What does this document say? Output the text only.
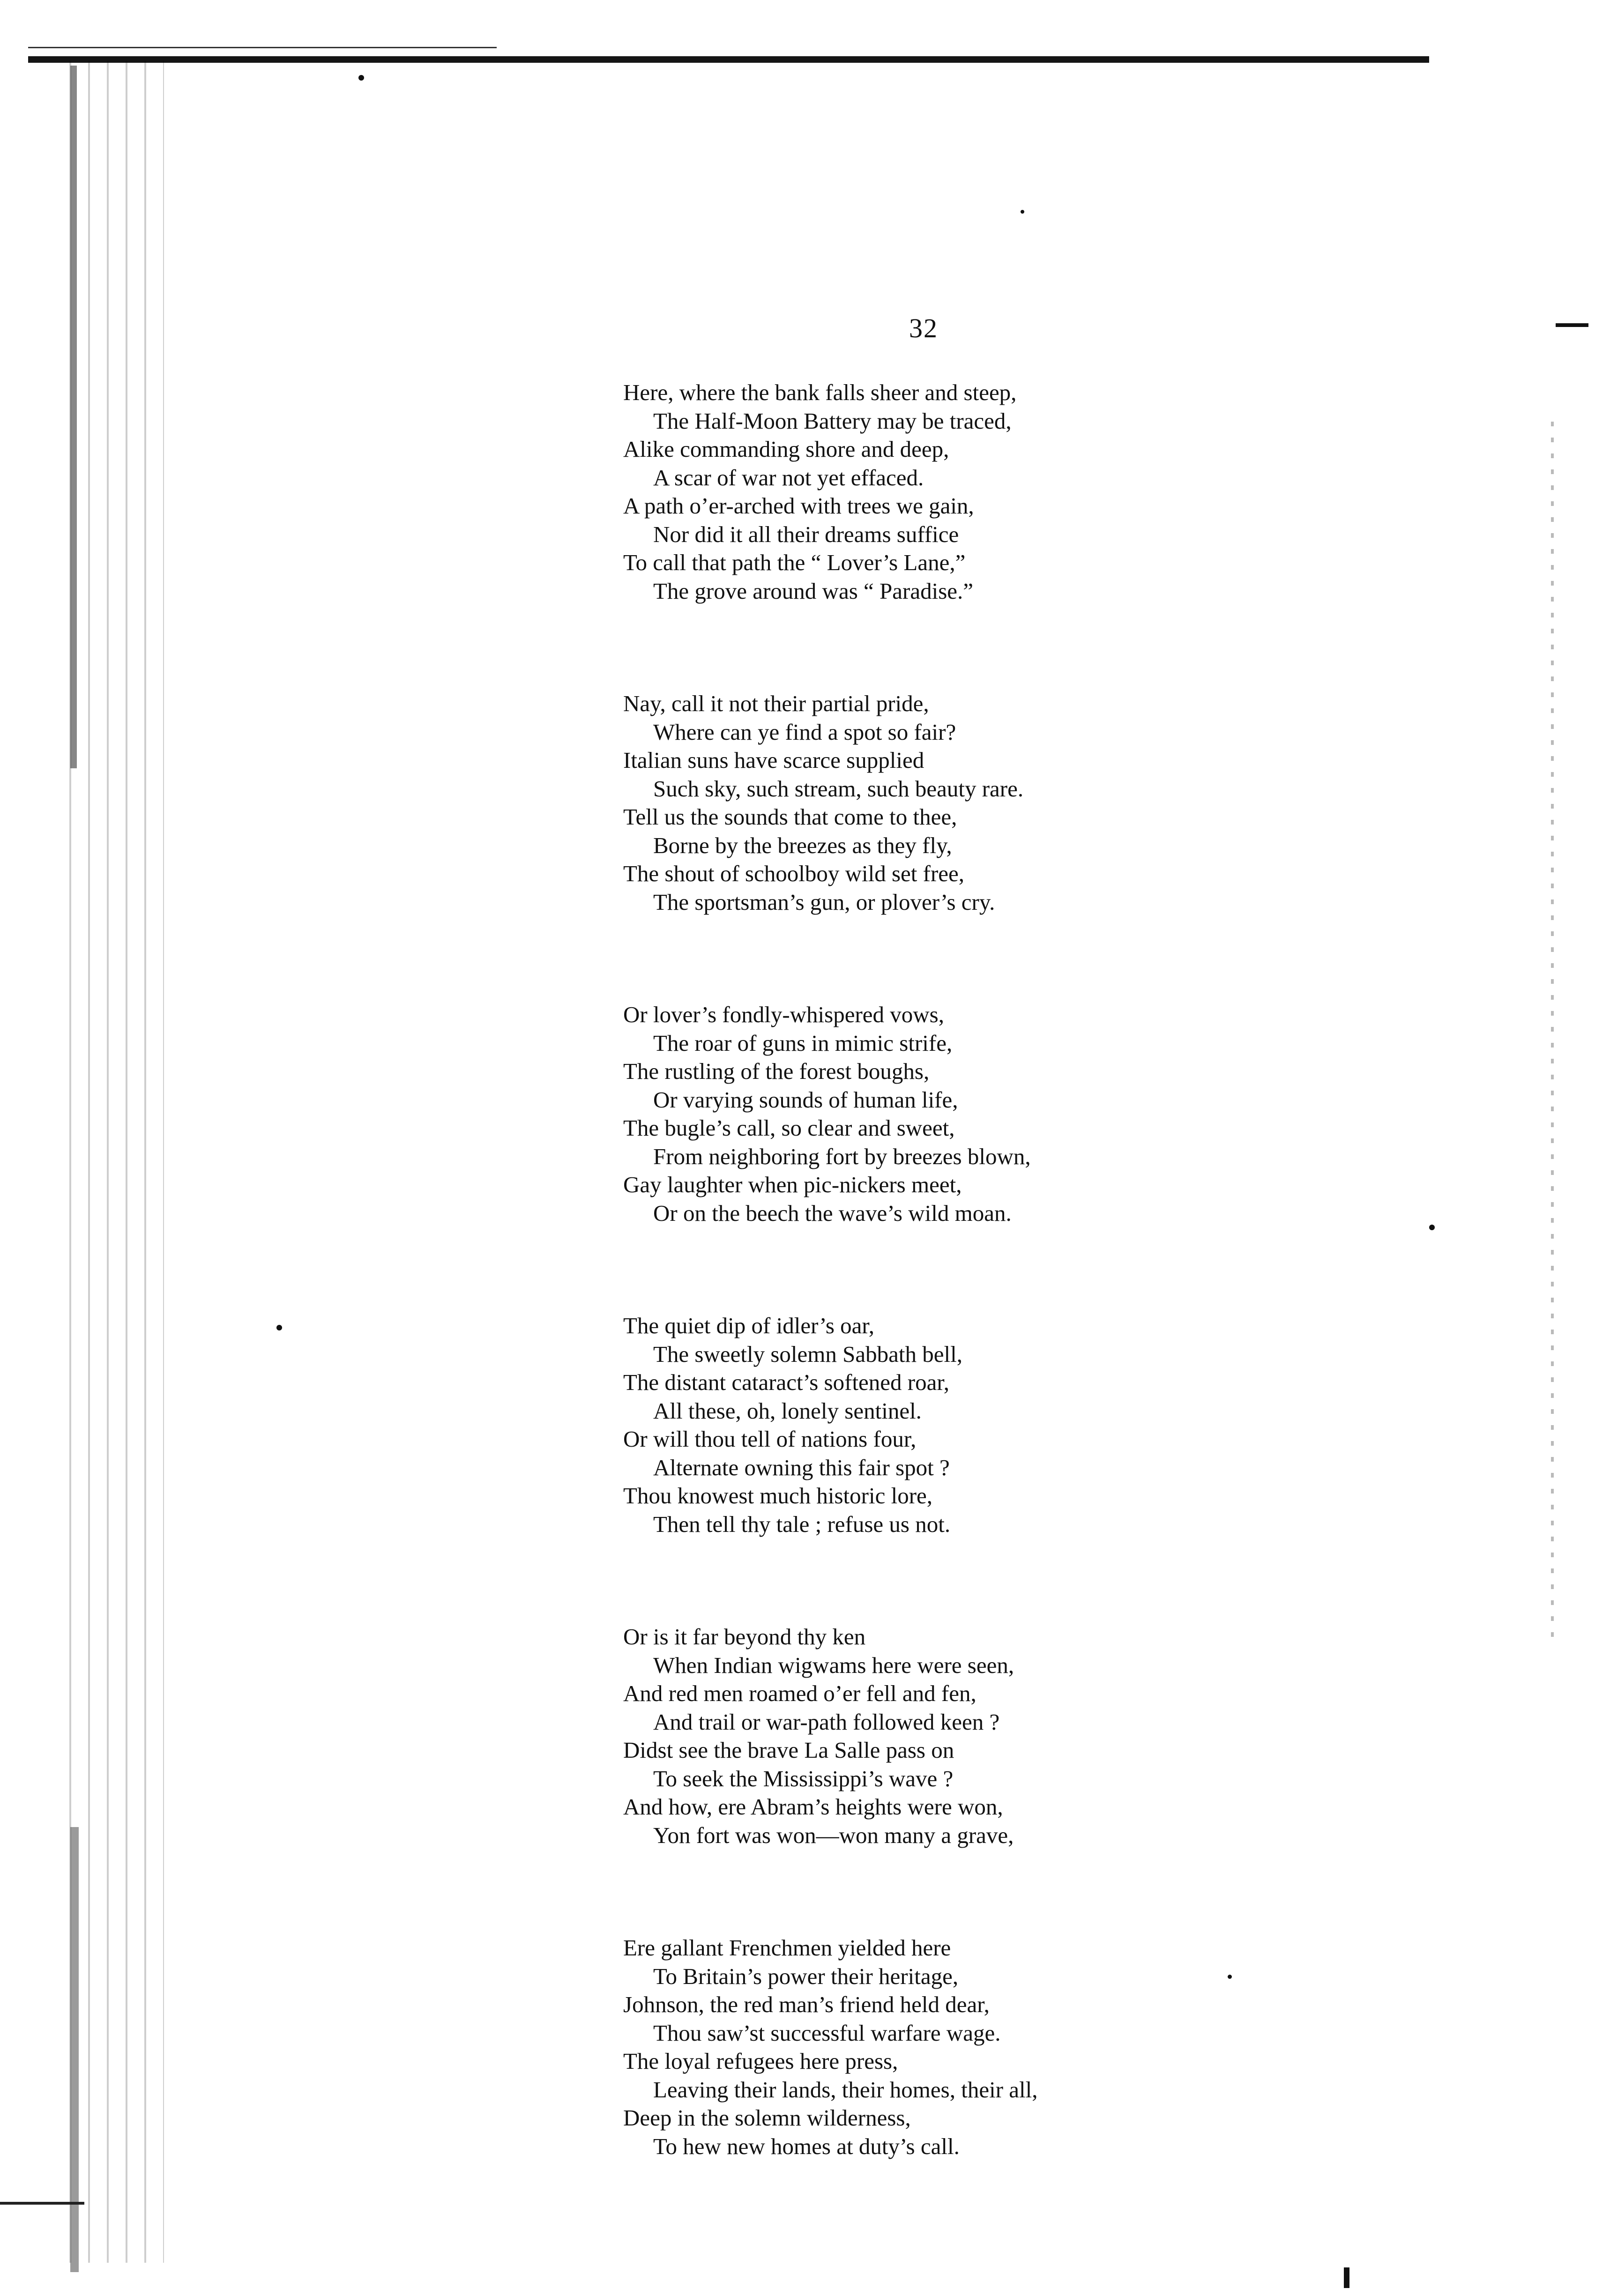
32
Here, where the bank falls sheer and steep,
The Half-Moon Battery may be traced,
Alike commanding shore and deep,
A scar of war not yet effaced.
A path o’er-arched with trees we gain,
Nor did it all their dreams suffice
To call that path the “ Lover’s Lane,”
The grove around was “ Paradise.”
Nay, call it not their partial pride,
Where can ye find a spot so fair?
Italian suns have scarce supplied
Such sky, such stream, such beauty rare.
Tell us the sounds that come to thee,
Borne by the breezes as they fly,
The shout of schoolboy wild set free,
The sportsman’s gun, or plover’s cry.
Or lover’s fondly-whispered vows,
The roar of guns in mimic strife,
The rustling of the forest boughs,
Or varying sounds of human life,
The bugle’s call, so clear and sweet,
From neighboring fort by breezes blown,
Gay laughter when pic-nickers meet,
Or on the beech the wave’s wild moan.
The quiet dip of idler’s oar,
The sweetly solemn Sabbath bell,
The distant cataract’s softened roar,
All these, oh, lonely sentinel.
Or will thou tell of nations four,
Alternate owning this fair spot ?
Thou knowest much historic lore,
Then tell thy tale ; refuse us not.
Or is it far beyond thy ken
When Indian wigwams here were seen,
And red men roamed o’er fell and fen,
And trail or war-path followed keen ?
Didst see the brave La Salle pass on
To seek the Mississippi’s wave ?
And how, ere Abram’s heights were won,
Yon fort was won—won many a grave,
Ere gallant Frenchmen yielded here
To Britain’s power their heritage,
Johnson, the red man’s friend held dear,
Thou saw’st successful warfare wage.
The loyal refugees here press,
Leaving their lands, their homes, their all,
Deep in the solemn wilderness,
To hew new homes at duty’s call.
